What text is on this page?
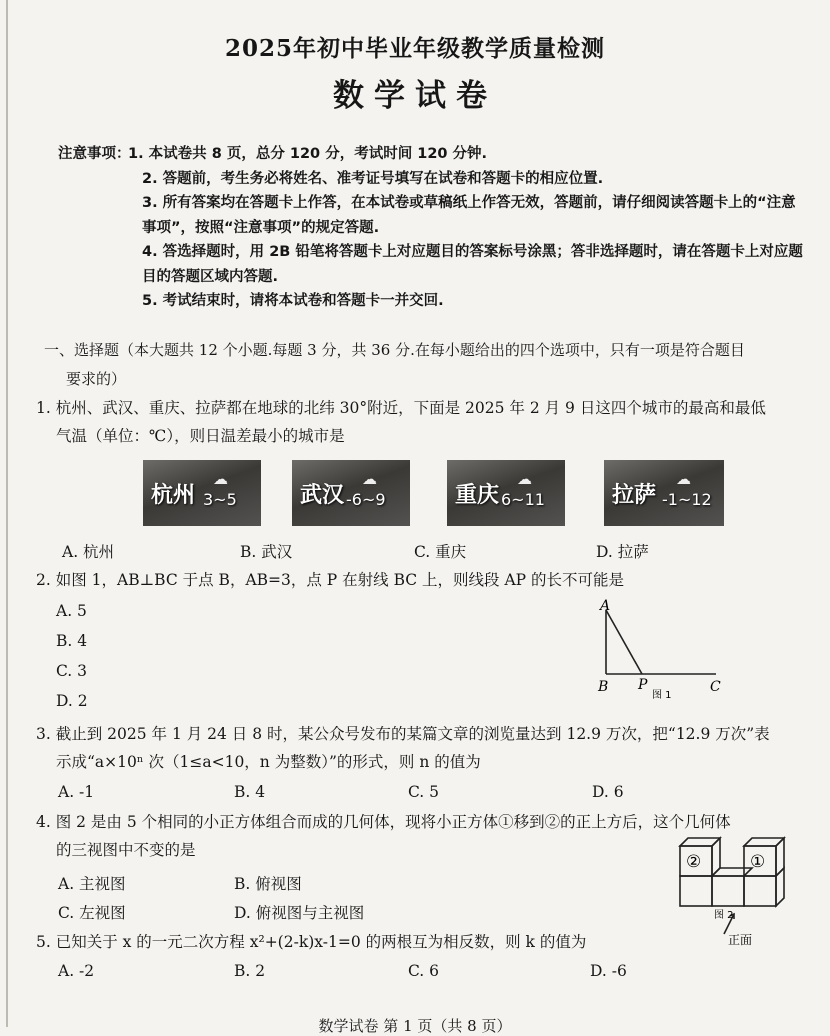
2025年初中毕业年级教学质量检测
数学试卷
注意事项：
1. 本试卷共 8 页，总分 120 分，考试时间 120 分钟.
2. 答题前，考生务必将姓名、准考证号填写在试卷和答题卡的相应位置.
3. 所有答案均在答题卡上作答，在本试卷或草稿纸上作答无效，答题前，请仔细阅读答题卡上的“注意事项”，按照“注意事项”的规定答题.
4. 答选择题时，用 2B 铅笔将答题卡上对应题目的答案标号涂黑；答非选择题时，请在答题卡上对应题目的答题区域内答题.
5. 考试结束时，请将本试卷和答题卡一并交回.
一、选择题（本大题共 12 个小题.每题 3 分，共 36 分.在每小题给出的四个选项中，只有一项是符合题目
要求的）
1. 杭州、武汉、重庆、拉萨都在地球的北纬 30°附近，下面是 2025 年 2 月 9 日这四个城市的最高和最低
气温（单位：℃），则日温差最小的城市是
杭州
☁
3~5	武汉
☁
-6~9	重庆
☁
6~11	拉萨
☁
-1~12
A. 杭州	B. 武汉	C. 重庆	D. 拉萨
2. 如图 1，AB⊥BC 于点 B，AB=3，点 P 在射线 BC 上，则线段 AP 的长不可能是
A. 5
B. 4
C. 3
D. 2
A
B P	C
图 1
3. 截止到 2025 年 1 月 24 日 8 时，某公众号发布的某篇文章的浏览量达到 12.9 万次，把“12.9 万次”表
示成“a×10ⁿ 次（1≤a<10，n 为整数）”的形式，则 n 的值为
A. -1	B. 4	C. 5	D. 6
4. 图 2 是由 5 个相同的小正方体组合而成的几何体，现将小正方体①移到②的正上方后，这个几何体
的三视图中不变的是
A. 主视图	B. 俯视图
C. 左视图	D. 俯视图与主视图
②	①
图 2
正面
5. 已知关于 x 的一元二次方程 x²+(2-k)x-1=0 的两根互为相反数，则 k 的值为
A. -2	B. 2	C. 6	D. -6
数学试卷 第 1 页（共 8 页）
